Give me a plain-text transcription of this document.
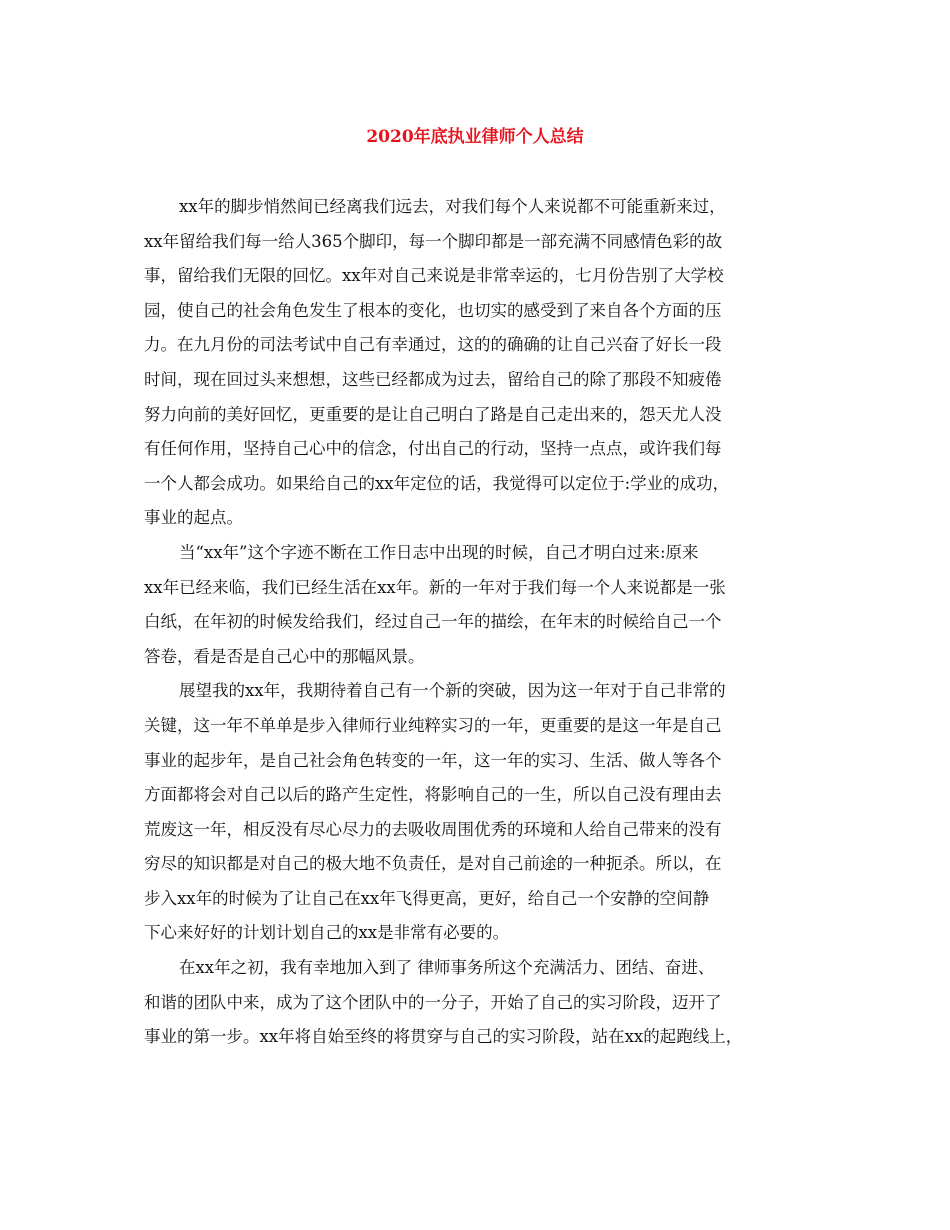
2020年底执业律师个人总结
xx年的脚步悄然间已经离我们远去，对我们每个人来说都不可能重新来过，
xx年留给我们每一给人365个脚印，每一个脚印都是一部充满不同感情色彩的故
事，留给我们无限的回忆。xx年对自己来说是非常幸运的，七月份告别了大学校
园，使自己的社会角色发生了根本的变化，也切实的感受到了来自各个方面的压
力。在九月份的司法考试中自己有幸通过，这的的确确的让自己兴奋了好长一段
时间，现在回过头来想想，这些已经都成为过去，留给自己的除了那段不知疲倦
努力向前的美好回忆，更重要的是让自己明白了路是自己走出来的，怨天尤人没
有任何作用，坚持自己心中的信念，付出自己的行动，坚持一点点，或许我们每
一个人都会成功。如果给自己的xx年定位的话，我觉得可以定位于:学业的成功，
事业的起点。
当“xx年”这个字迹不断在工作日志中出现的时候，自己才明白过来:原来
xx年已经来临，我们已经生活在xx年。新的一年对于我们每一个人来说都是一张
白纸，在年初的时候发给我们，经过自己一年的描绘，在年末的时候给自己一个
答卷，看是否是自己心中的那幅风景。
展望我的xx年，我期待着自己有一个新的突破，因为这一年对于自己非常的
关键，这一年不单单是步入律师行业纯粹实习的一年，更重要的是这一年是自己
事业的起步年，是自己社会角色转变的一年，这一年的实习、生活、做人等各个
方面都将会对自己以后的路产生定性，将影响自己的一生，所以自己没有理由去
荒废这一年，相反没有尽心尽力的去吸收周围优秀的环境和人给自己带来的没有
穷尽的知识都是对自己的极大地不负责任，是对自己前途的一种扼杀。所以，在
步入xx年的时候为了让自己在xx年飞得更高，更好，给自己一个安静的空间静
下心来好好的计划计划自己的xx是非常有必要的。
在xx年之初，我有幸地加入到了 律师事务所这个充满活力、团结、奋进、
和谐的团队中来，成为了这个团队中的一分子，开始了自己的实习阶段，迈开了
事业的第一步。xx年将自始至终的将贯穿与自己的实习阶段，站在xx的起跑线上，
